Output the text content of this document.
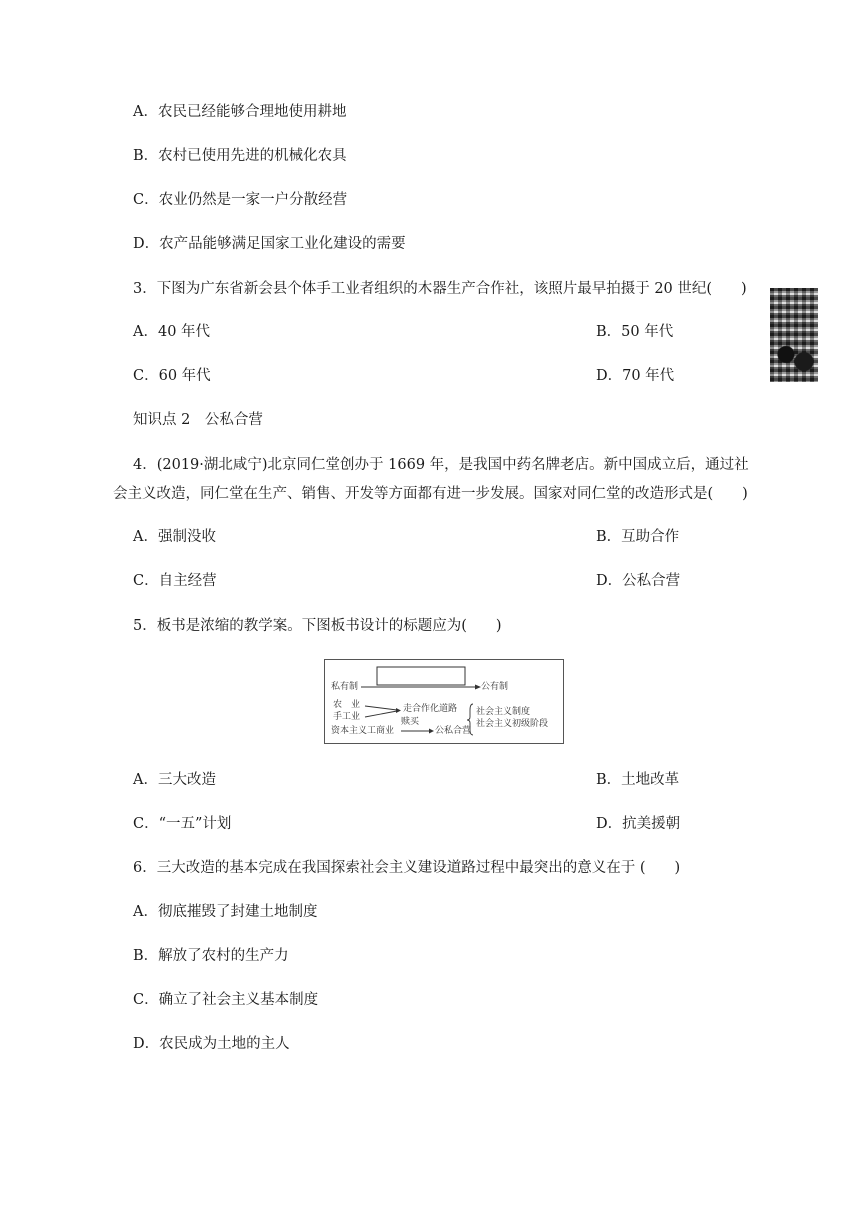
A．农民已经能够合理地使用耕地
B．农村已使用先进的机械化农具
C．农业仍然是一家一户分散经营
D．农产品能够满足国家工业化建设的需要
3．下图为广东省新会县个体手工业者组织的木器生产合作社，该照片最早拍摄于 20 世纪(　　)
A．40 年代	B．50 年代
C．60 年代	D．70 年代
知识点 2　公私合营
4．(2019·湖北咸宁)北京同仁堂创办于 1669 年，是我国中药名牌老店。新中国成立后，通过社
会主义改造，同仁堂在生产、销售、开发等方面都有进一步发展。国家对同仁堂的改造形式是(　　)
A．强制没收	B．互助合作
C．自主经营	D．公私合营
5．板书是浓缩的教学案。下图板书设计的标题应为(　　)
私有制	公有制
农　业
手工业
走合作化道路
赎买
资本主义工商业	公私合营
社会主义制度
社会主义初级阶段
A．三大改造	B．土地改革
C．“一五”计划	D．抗美援朝
6．三大改造的基本完成在我国探索社会主义建设道路过程中最突出的意义在于 (　　)
A．彻底摧毁了封建土地制度
B．解放了农村的生产力
C．确立了社会主义基本制度
D．农民成为土地的主人
